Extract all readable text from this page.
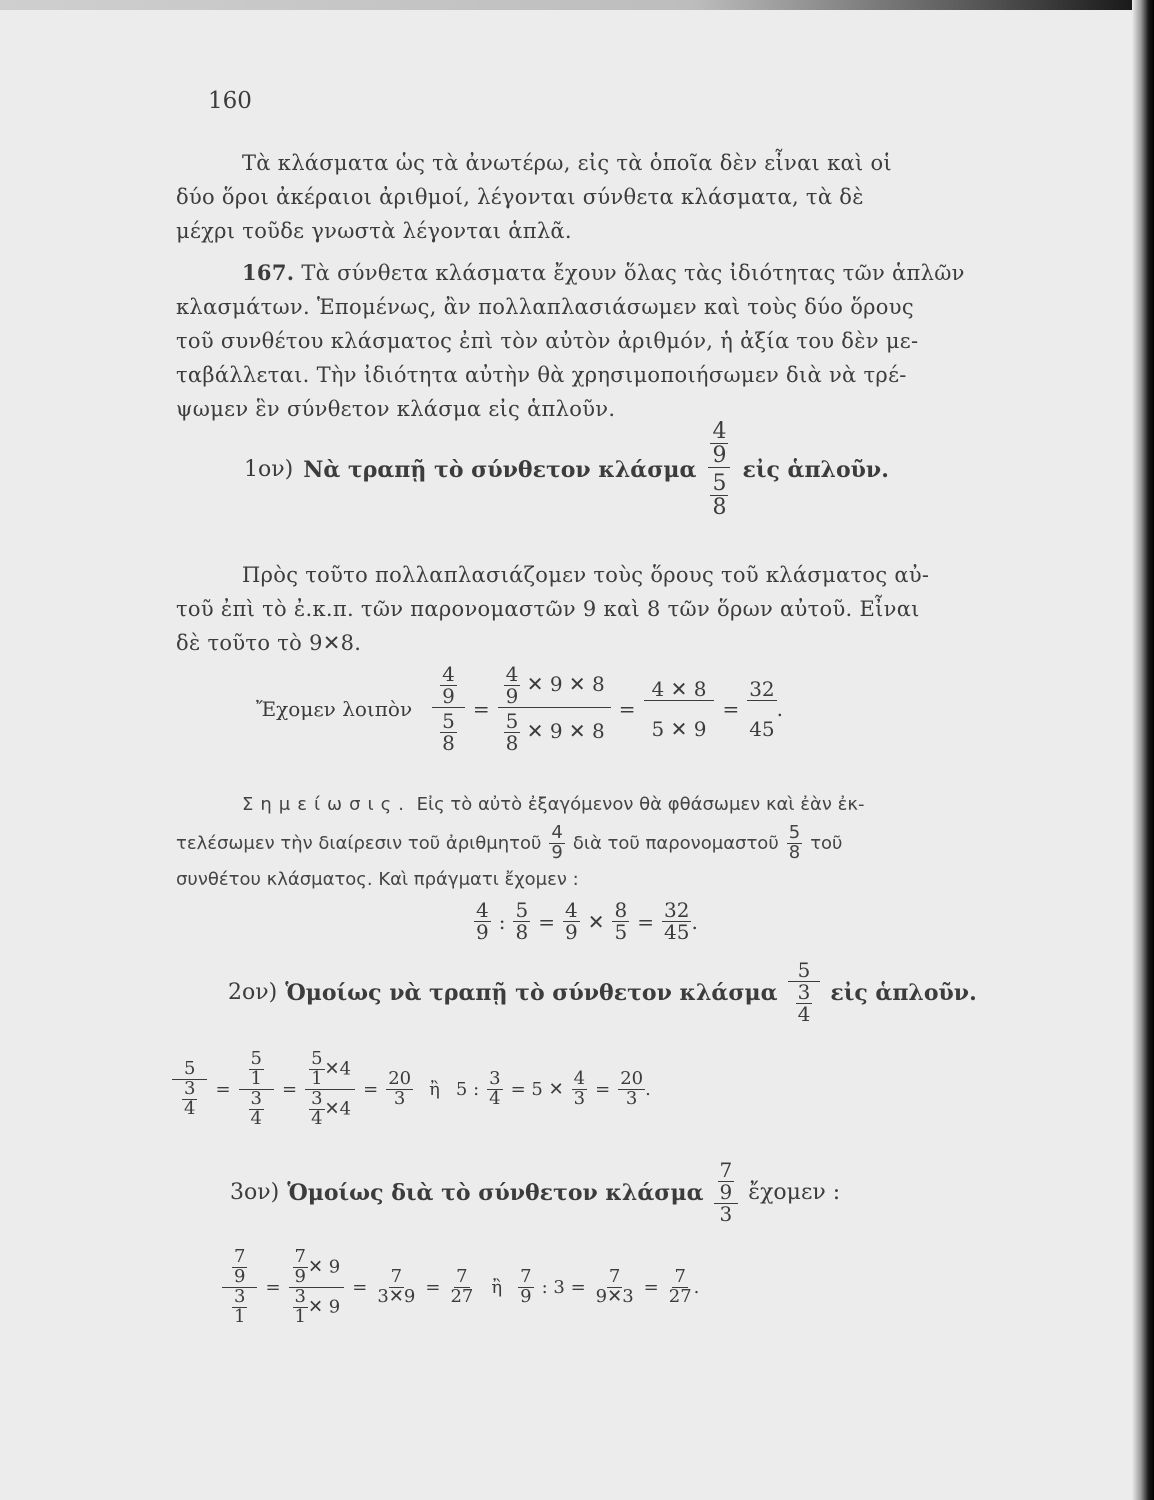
160

Τὰ κλάσματα ὡς τὰ ἀνωτέρω, εἰς τὰ ὁποῖα δὲν εἶναι καὶ οἱ

δύο ὅροι ἀκέραιοι ἀριθμοί, λέγονται σύνθετα κλάσματα, τὰ δὲ

μέχρι τοῦδε γνωστὰ λέγονται ἁπλᾶ.

167. Τὰ σύνθετα κλάσματα ἔχουν ὅλας τὰς ἰδιότητας τῶν ἁπλῶν

κλασμάτων. Ἑπομένως, ἂν πολλαπλασιάσωμεν καὶ τοὺς δύο ὅρους

τοῦ συνθέτου κλάσματος ἐπὶ τὸν αὐτὸν ἀριθμόν, ἡ ἀξία του δὲν με-

ταβάλλεται. Τὴν ἰδιότητα αὐτὴν θὰ χρησιμοποιήσωμεν διὰ νὰ τρέ-

ψωμεν ἓν σύνθετον κλάσμα εἰς ἁπλοῦν.

1ον) Νὰ τραπῇ τὸ σύνθετον κλάσμα $\frac{\frac{4}{9}}{\frac{5}{8}}$ εἰς ἁπλοῦν.

Πρὸς τοῦτο πολλαπλασιάζομεν τοὺς ὅρους τοῦ κλάσματος αὐ-

τοῦ ἐπὶ τὸ ἐ.κ.π. τῶν παρονομαστῶν 9 καὶ 8 τῶν ὅρων αὐτοῦ. Εἶναι

δὲ τοῦτο τὸ 9✕8.

Ἔχομεν λοιπὸν $\frac{\frac{4}{9}}{\frac{5}{8}} = \frac{\frac{4}{9} ✕ 9 ✕ 8}{\frac{5}{8} ✕ 9 ✕ 8} = \frac{4 ✕ 8}{5 ✕ 9} = \frac{32}{45}$ .
Σημείωσις. Εἰς τὸ αὐτὸ ἐξαγόμενον θὰ φθάσωμεν καὶ ἐὰν ἐκ-
τελέσωμεν τὴν διαίρεσιν τοῦ ἀριθμητοῦ $\frac{4}{9}$ διὰ τοῦ παρονομαστοῦ $\frac{5}{8}$ τοῦ
συνθέτου κλάσματος. Καὶ πράγματι ἔχομεν :
$\frac{4}{9}$ : $\frac{5}{8} = \frac{4}{9}$ ✕ $\frac{8}{5} = \frac{32}{45}$ .
2ον) Ὁμοίως νὰ τραπῇ τὸ σύνθετον κλάσμα $\frac{5}{\frac{3}{4}}$ εἰς ἁπλοῦν.
$\frac{5}{\frac{3}{4}} = \frac{\frac{5}{1}}{\frac{3}{4}} = \frac{\frac{5}{1} ✕4}{\frac{3}{4} ✕4} = \frac{20}{3}$ ἢ 5 : $\frac{3}{4} = 5$ ✕ $\frac{4}{3} = \frac{20}{3}$ .
3ον) Ὁμοίως διὰ τὸ σύνθετον κλάσμα $\frac{\frac{7}{9}}{3}$ ἔχομεν :
$\frac{\frac{7}{9}}{\frac{3}{1}} = \frac{\frac{7}{9} ✕ 9}{\frac{3}{1} ✕ 9} = \frac{7}{3✕9} = \frac{7}{27}$ ἢ $\frac{7}{9}$ : $3 = \frac{7}{9✕3} = \frac{7}{27}$ .
